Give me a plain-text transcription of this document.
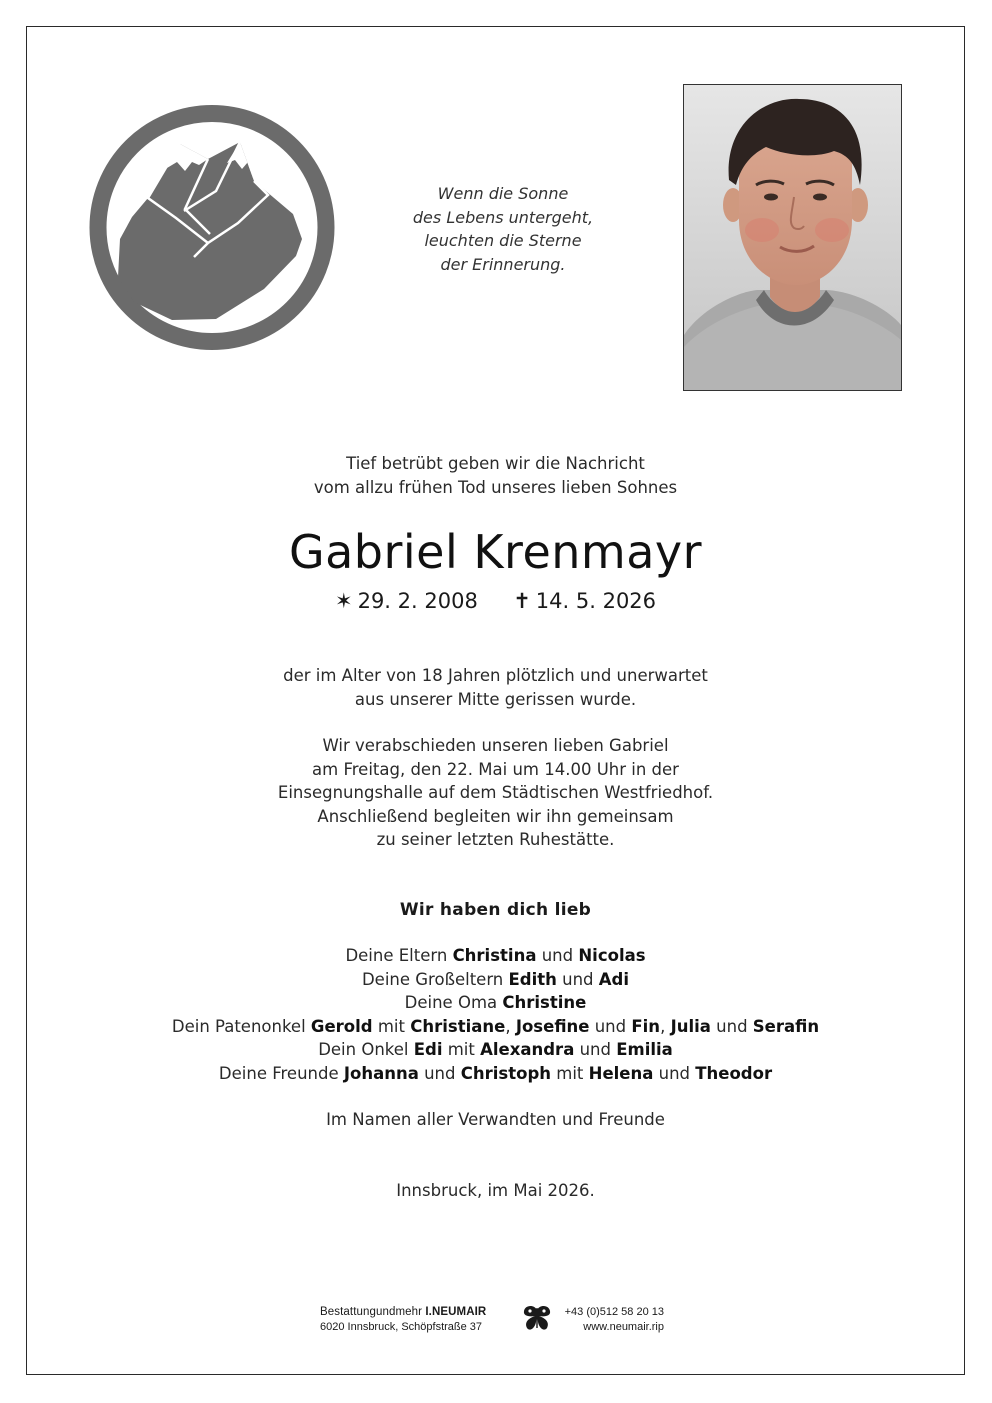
Wenn die Sonne
des Lebens untergeht,
leuchten die Sterne
der Erinnerung.
Tief betrübt geben wir die Nachricht
vom allzu frühen Tod unseres lieben Sohnes
Gabriel Krenmayr
✶ 29. 2. 2008 ✝ 14. 5. 2026
der im Alter von 18 Jahren plötzlich und unerwartet
aus unserer Mitte gerissen wurde.
Wir verabschieden unseren lieben Gabriel
am Freitag, den 22. Mai um 14.00 Uhr in der
Einsegnungshalle auf dem Städtischen Westfriedhof.
Anschließend begleiten wir ihn gemeinsam
zu seiner letzten Ruhestätte.
Wir haben dich lieb
Deine Eltern Christina und Nicolas
Deine Großeltern Edith und Adi
Deine Oma Christine
Dein Patenonkel Gerold mit Christiane, Josefine und Fin, Julia und Serafin
Dein Onkel Edi mit Alexandra und Emilia
Deine Freunde Johanna und Christoph mit Helena und Theodor
Im Namen aller Verwandten und Freunde
Innsbruck, im Mai 2026.
Bestattungundmehr I.NEUMAIR
6020 Innsbruck, Schöpfstraße 37
+43 (0)512 58 20 13
www.neumair.rip
